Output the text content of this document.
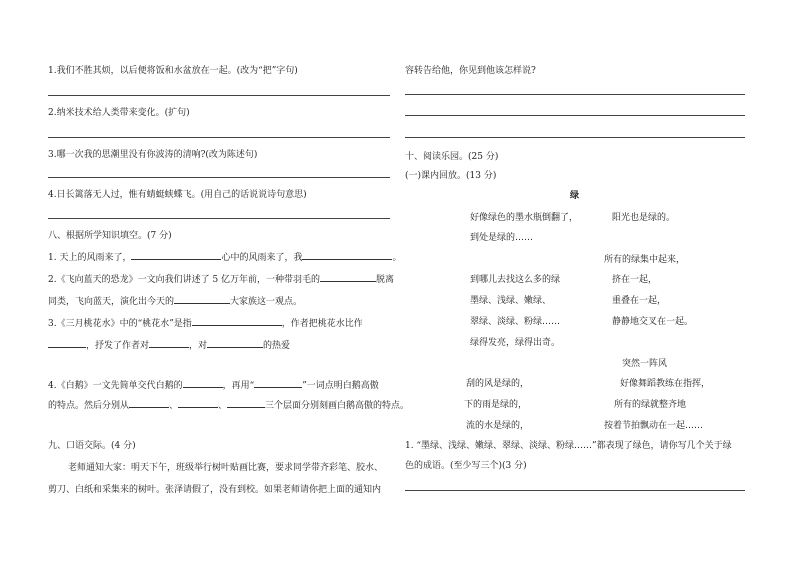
1.我们不胜其烦，以后便将饭和水盆放在一起。(改为“把”字句)
2.纳米技术给人类带来变化。(扩句)
3.哪一次我的思潮里没有你波涛的清响?(改为陈述句)
4.日长篱落无人过，惟有蜻蜓蛱蝶飞。(用自己的话说说诗句意思)
八、根据所学知识填空。(7 分)
1. 天上的风雨来了，	心中的风雨来了，我	。
2.《飞向蓝天的恐龙》一文向我们讲述了 5 亿万年前，一种带羽毛的	脱离
同类，飞向蓝天，演化出今天的	大家族这一观点。
3.《三月桃花水》中的“桃花水”是指	，作者把桃花水比作
，抒发了作者对	，对	的热爱
4.《白鹅》一文先简单交代白鹅的	，再用“	”一词点明白鹅高傲
的特点。然后分别从	、	、	三个层面分别刻画白鹅高傲的特点。
九、口语交际。(4 分)
老师通知大家：明天下午，班级举行树叶贴画比赛，要求同学带齐彩笔、胶水、
剪刀、白纸和采集来的树叶。张泽请假了，没有到校。如果老师请你把上面的通知内
容转告给他，你见到他该怎样说?
十、阅读乐园。(25 分)
(一)课内回放。(13 分)
绿
好像绿色的墨水瓶倒翻了，	阳光也是绿的。
到处是绿的……
所有的绿集中起来，
到哪儿去找这么多的绿	挤在一起，
墨绿、浅绿、嫩绿、	重叠在一起，
翠绿、淡绿、粉绿……	静静地交叉在一起。
绿得发亮，绿得出奇。
突然一阵风
刮的风是绿的，	好像舞蹈教练在指挥，
下的雨是绿的，	所有的绿就整齐地
流的水是绿的，	按着节拍飘动在一起……
1. “墨绿、浅绿、嫩绿、翠绿、淡绿、粉绿……”都表现了绿色，请你写几个关于绿
色的成语。(至少写三个)(3 分)
